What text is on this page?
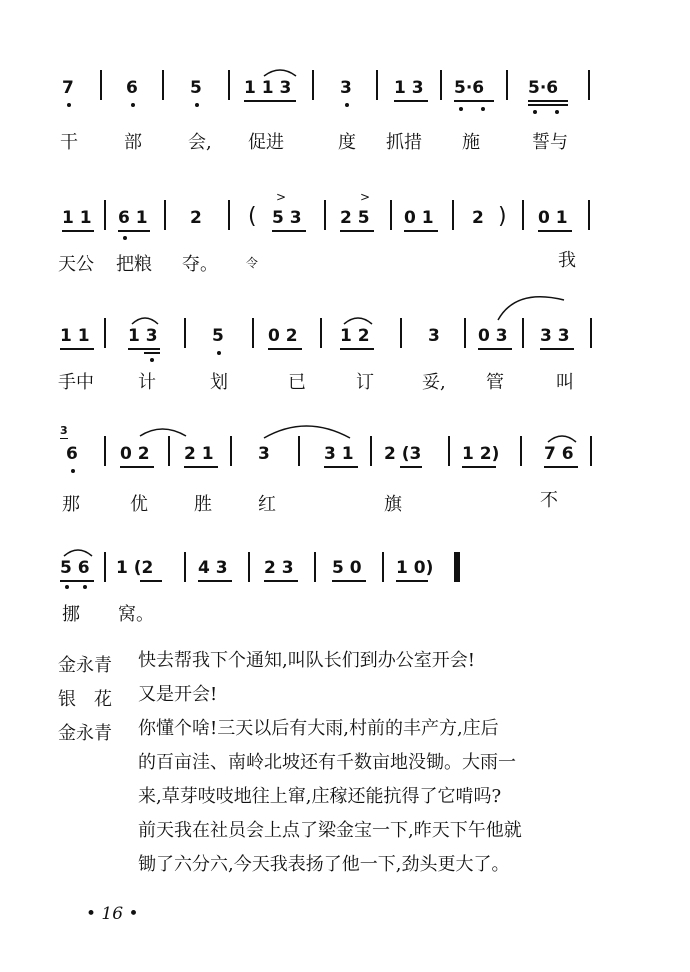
7	6	5 1 1 3	3 1 3 5·6	5·6
干	部	会, 促进	度 抓措 施	誓与
1 1 6 1 2 ( 5 3
>
2 5
>
0 1 2 ) 0 1
天公 把粮 夺。 令	我
1 1 1 3	5	0 2 1 2	3 0 3 3 3
手中 计	划	已	订	妥, 管	叫
3
6 0 2 2 1	3	3 1 2 (3 1 2)	7 6
那	优	胜	红	旗	不
5 6 1 (2	4 3 2 3 5 0 1 0)
挪 窝。
金永青 快去帮我下个通知,叫队长们到办公室开会!
银　花 又是开会!
金永青 你懂个啥!三天以后有大雨,村前的丰产方,庄后
的百亩洼、南岭北坡还有千数亩地没锄。大雨一
来,草芽吱吱地往上窜,庄稼还能抗得了它啃吗?
前天我在社员会上点了梁金宝一下,昨天下午他就
锄了六分六,今天我表扬了他一下,劲头更大了。
• 16 •
